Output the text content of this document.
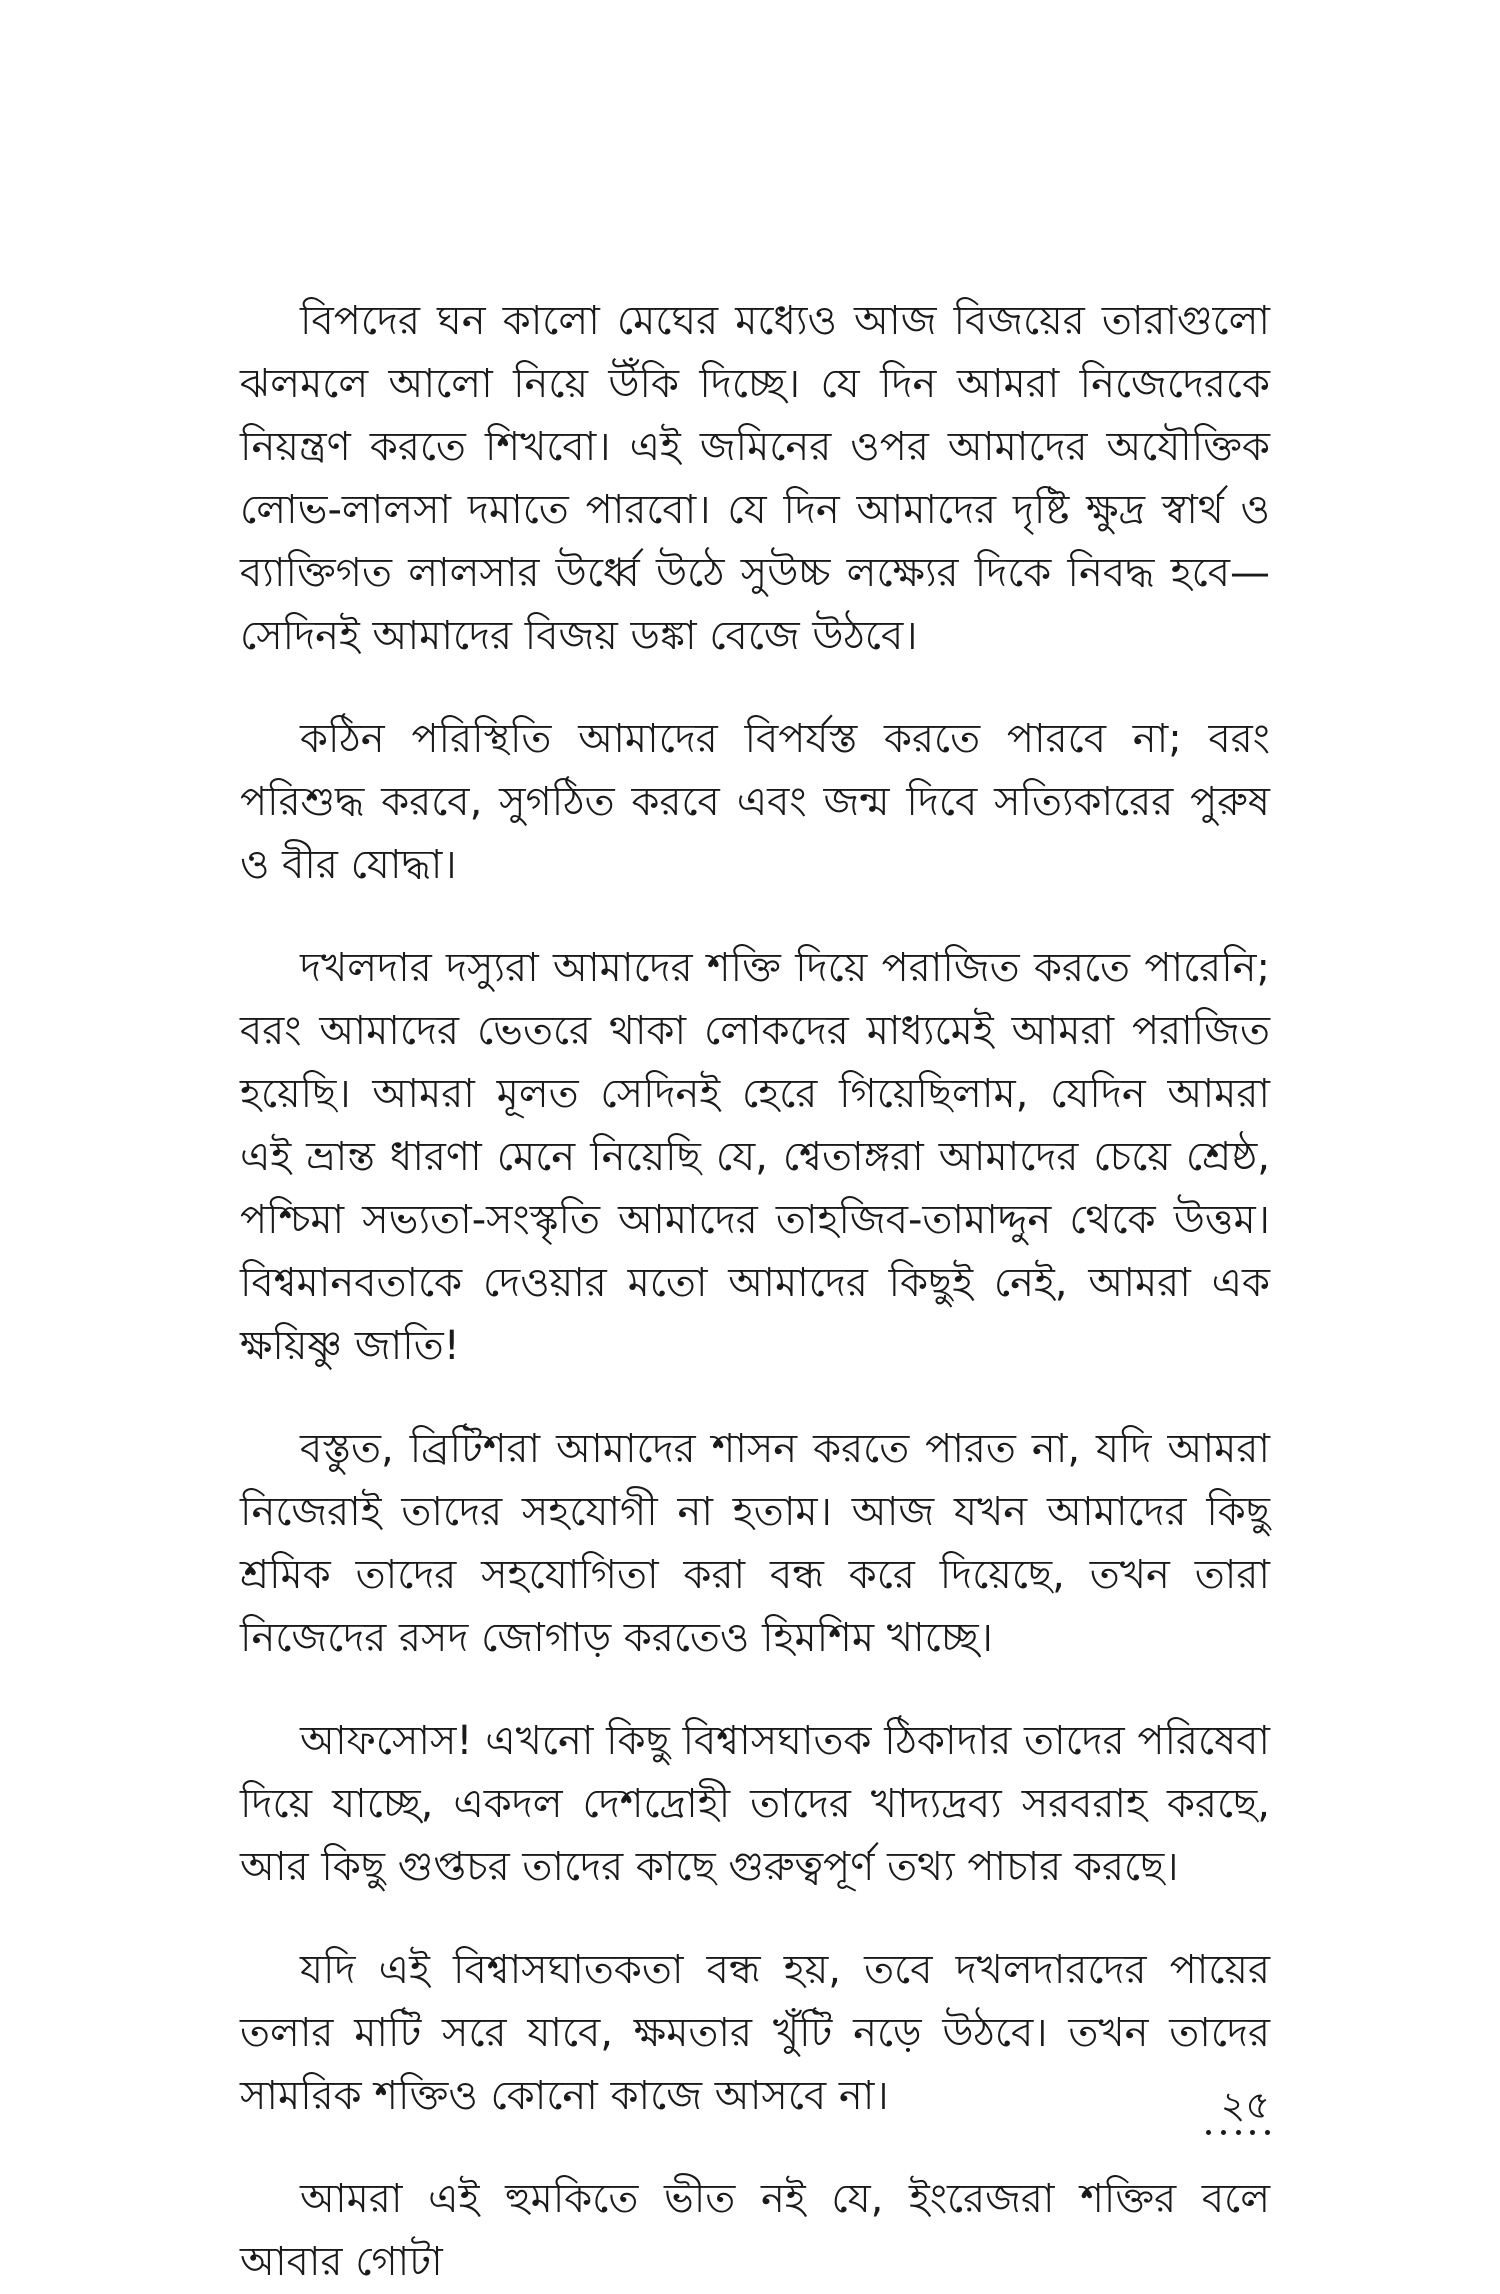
বিপদের ঘন কালো মেঘের মধ্যেও আজ বিজয়ের তারাগুলো ঝলমলে আলো নিয়ে উঁকি দিচ্ছে। যে দিন আমরা নিজেদেরকে নিয়ন্ত্রণ করতে শিখবো। এই জমিনের ওপর আমাদের অযৌক্তিক লোভ-লালসা দমাতে পারবো। যে দিন আমাদের দৃষ্টি ক্ষুদ্র স্বার্থ ও ব্যাক্তিগত লালসার উর্ধ্বে উঠে সুউচ্চ লক্ষ্যের দিকে নিবদ্ধ হবে— সেদিনই আমাদের বিজয় ডঙ্কা বেজে উঠবে।

কঠিন পরিস্থিতি আমাদের বিপর্যস্ত করতে পারবে না; বরং পরিশুদ্ধ করবে, সুগঠিত করবে এবং জন্ম দিবে সত্যিকারের পুরুষ ও বীর যোদ্ধা।

দখলদার দস্যুরা আমাদের শক্তি দিয়ে পরাজিত করতে পারেনি; বরং আমাদের ভেতরে থাকা লোকদের মাধ্যমেই আমরা পরাজিত হয়েছি। আমরা মূলত সেদিনই হেরে গিয়েছিলাম, যেদিন আমরা এই ভ্রান্ত ধারণা মেনে নিয়েছি যে, শ্বেতাঙ্গরা আমাদের চেয়ে শ্রেষ্ঠ, পশ্চিমা সভ্যতা-সংস্কৃতি আমাদের তাহজিব-তামাদ্দুন থেকে উত্তম। বিশ্বমানবতাকে দেওয়ার মতো আমাদের কিছুই নেই, আমরা এক ক্ষয়িষ্ণু জাতি!

বস্তুত, ব্রিটিশরা আমাদের শাসন করতে পারত না, যদি আমরা নিজেরাই তাদের সহযোগী না হতাম। আজ যখন আমাদের কিছু শ্রমিক তাদের সহযোগিতা করা বন্ধ করে দিয়েছে, তখন তারা নিজেদের রসদ জোগাড় করতেও হিমশিম খাচ্ছে।

আফসোস! এখনো কিছু বিশ্বাসঘাতক ঠিকাদার তাদের পরিষেবা দিয়ে যাচ্ছে, একদল দেশদ্রোহী তাদের খাদ্যদ্রব্য সরবরাহ করছে, আর কিছু গুপ্তচর তাদের কাছে গুরুত্বপূর্ণ তথ্য পাচার করছে।

যদি এই বিশ্বাসঘাতকতা বন্ধ হয়, তবে দখলদারদের পায়ের তলার মাটি সরে যাবে, ক্ষমতার খুঁটি নড়ে উঠবে। তখন তাদের সামরিক শক্তিও কোনো কাজে আসবে না।

আমরা এই হুমকিতে ভীত নই যে, ইংরেজরা শক্তির বলে আবার গোটা

২৫
